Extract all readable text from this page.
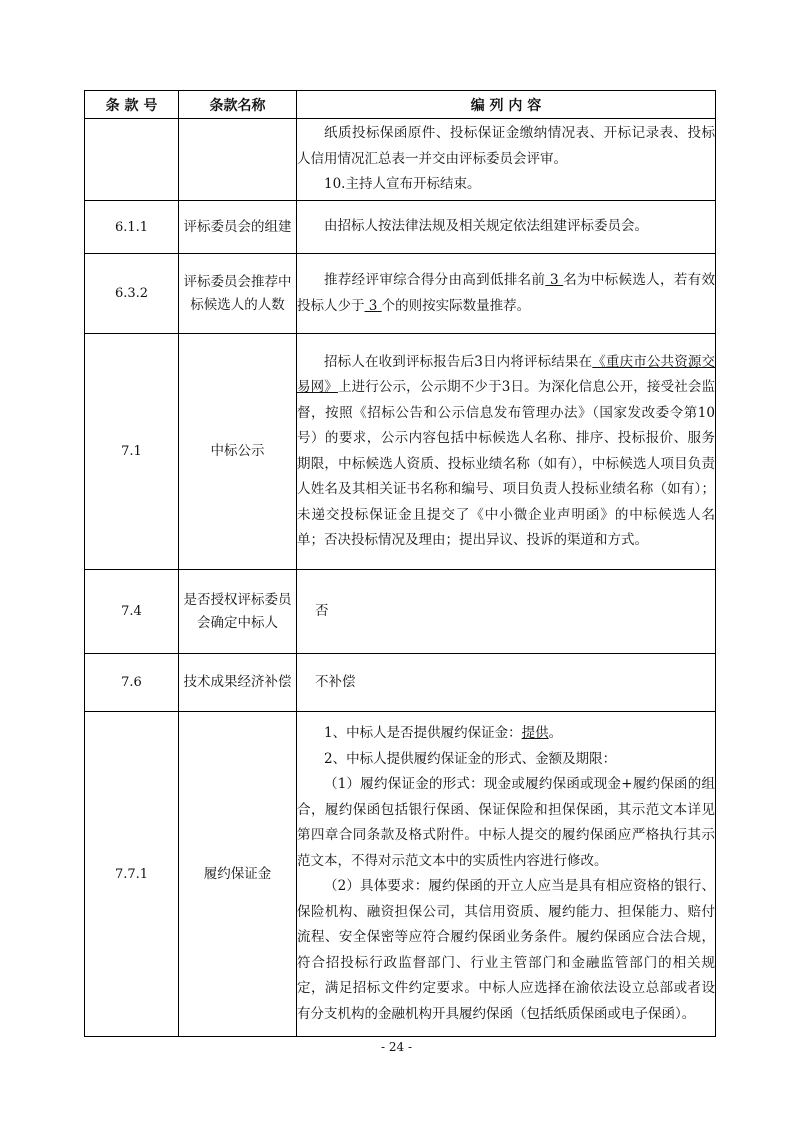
条 款 号	条款名称	编 列 内 容

		纸质投标保函原件、投标保证金缴纳情况表、开标记录表、投标人信用情况汇总表一并交由评标委员会评审。

10.主持人宣布开标结束。

6.1.1	评标委员会的组建	由招标人按法律法规及相关规定依法组建评标委员会。

6.3.2	评标委员会推荐中标候选人的人数	推荐经评审综合得分由高到低排名前 3 名为中标候选人，若有效投标人少于 3 个的则按实际数量推荐。

7.1	中标公示	招标人在收到评标报告后3日内将评标结果在《重庆市公共资源交易网》上进行公示，公示期不少于3日。为深化信息公开，接受社会监督，按照《招标公告和公示信息发布管理办法》（国家发改委令第10号）的要求，公示内容包括中标候选人名称、排序、投标报价、服务期限，中标候选人资质、投标业绩名称（如有），中标候选人项目负责人姓名及其相关证书名称和编号、项目负责人投标业绩名称（如有）；未递交投标保证金且提交了《中小微企业声明函》的中标候选人名单；否决投标情况及理由；提出异议、投诉的渠道和方式。

7.4	是否授权评标委员会确定中标人	否

7.6	技术成果经济补偿	不补偿

7.7.1	履约保证金	1、中标人是否提供履约保证金：提供。

2、中标人提供履约保证金的形式、金额及期限：

（1）履约保证金的形式：现金或履约保函或现金+履约保函的组合，履约保函包括银行保函、保证保险和担保保函，其示范文本详见第四章合同条款及格式附件。中标人提交的履约保函应严格执行其示范文本，不得对示范文本中的实质性内容进行修改。

（2）具体要求：履约保函的开立人应当是具有相应资格的银行、保险机构、融资担保公司，其信用资质、履约能力、担保能力、赔付流程、安全保密等应符合履约保函业务条件。履约保函应合法合规，符合招投标行政监督部门、行业主管部门和金融监管部门的相关规定，满足招标文件约定要求。中标人应选择在渝依法设立总部或者设有分支机构的金融机构开具履约保函（包括纸质保函或电子保函）。

- 24 -
